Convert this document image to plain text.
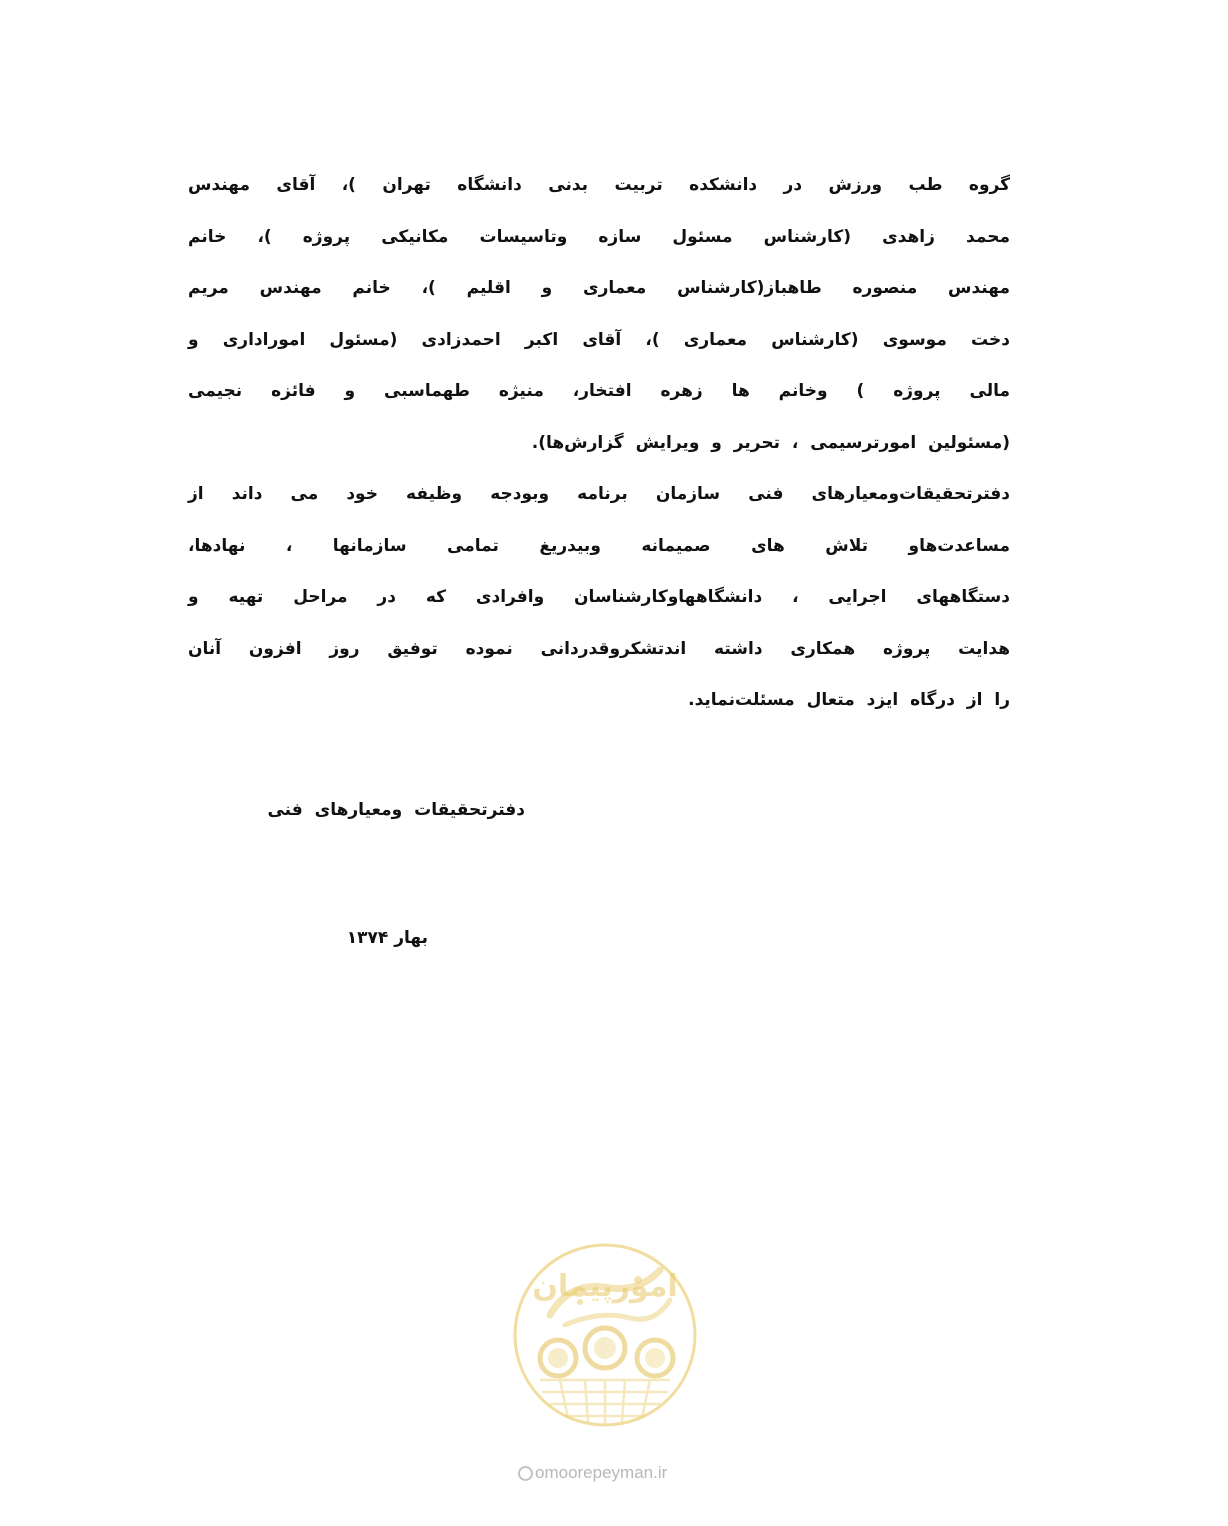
گروه طب ورزش در دانشکده تربیت بدنی دانشگاه تهران )، آقای مهندس
محمد زاهدی (کارشناس مسئول سازه وتاسیسات مکانیکی پروژه )، خانم
مهندس منصوره طاهباز(کارشناس معماری و اقلیم )، خانم مهندس مریم
دخت موسوی (کارشناس معماری )، آقای اکبر احمدزادی (مسئول اموراداری و
مالی پروژه ) وخانم ها زهره افتخار، منیژه طهماسبی و فائزه نجیمی
(مسئولین امورترسیمی ، تحریر و ویرایش گزارش‌ها).
دفترتحقیقات‌ومعیارهای فنی سازمان برنامه وبودجه وظیفه خود می داند از
مساعدت‌هاو تلاش های صمیمانه وبیدریغ تمامی سازمانها ، نهادها،
دستگاههای اجرایی ، دانشگاهها‌وکارشناسان وافرادی که در مراحل تهیه و
هدایت پروژه همکاری داشته اندتشکروقدردانی نموده توفیق روز افزون آنان
را از درگاه ایزد متعال مسئلت‌نماید.
دفترتحقیقات ومعیارهای فنی
بهار ۱۳۷۴
امورپیمان
omoorepeyman.ir
